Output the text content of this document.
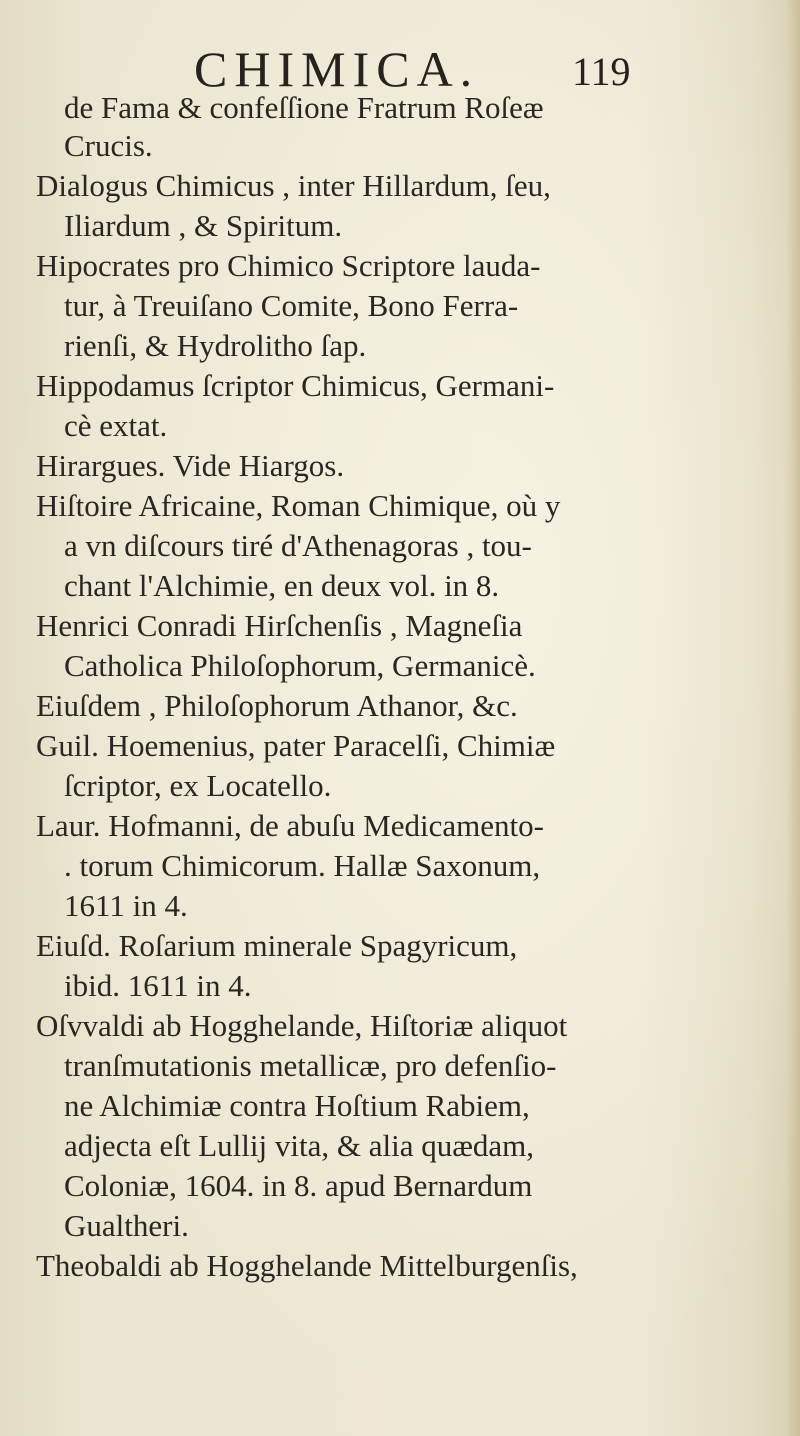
CHIMICA. 119
de Fama & confeſſione Fratrum Roſeæ
Crucis.
Dialogus Chimicus , inter Hillardum, ſeu,
Iliardum , & Spiritum.
Hipocrates pro Chimico Scriptore lauda-
tur, à Treuiſano Comite, Bono Ferra-
rienſi, & Hydrolitho ſap.
Hippodamus ſcriptor Chimicus, Germani-
cè extat.
Hirargues. Vide Hiargos.
Hiſtoire Africaine, Roman Chimique, où y
a vn diſcours tiré d'Athenagoras , tou-
chant l'Alchimie, en deux vol. in 8.
Henrici Conradi Hirſchenſis , Magneſia
Catholica Philoſophorum, Germanicè.
Eiuſdem , Philoſophorum Athanor, &c.
Guil. Hoemenius, pater Paracelſi, Chimiæ
ſcriptor, ex Locatello.
Laur. Hofmanni, de abuſu Medicamento-
. torum Chimicorum. Hallæ Saxonum,
1611 in 4.
Eiuſd. Roſarium minerale Spagyricum,
ibid. 1611 in 4.
Oſvvaldi ab Hogghelande, Hiſtoriæ aliquot
tranſmutationis metallicæ, pro defenſio-
ne Alchimiæ contra Hoſtium Rabiem,
adjecta eſt Lullij vita, & alia quædam,
Coloniæ, 1604. in 8. apud Bernardum
Gualtheri.
Theobaldi ab Hogghelande Mittelburgenſis,
